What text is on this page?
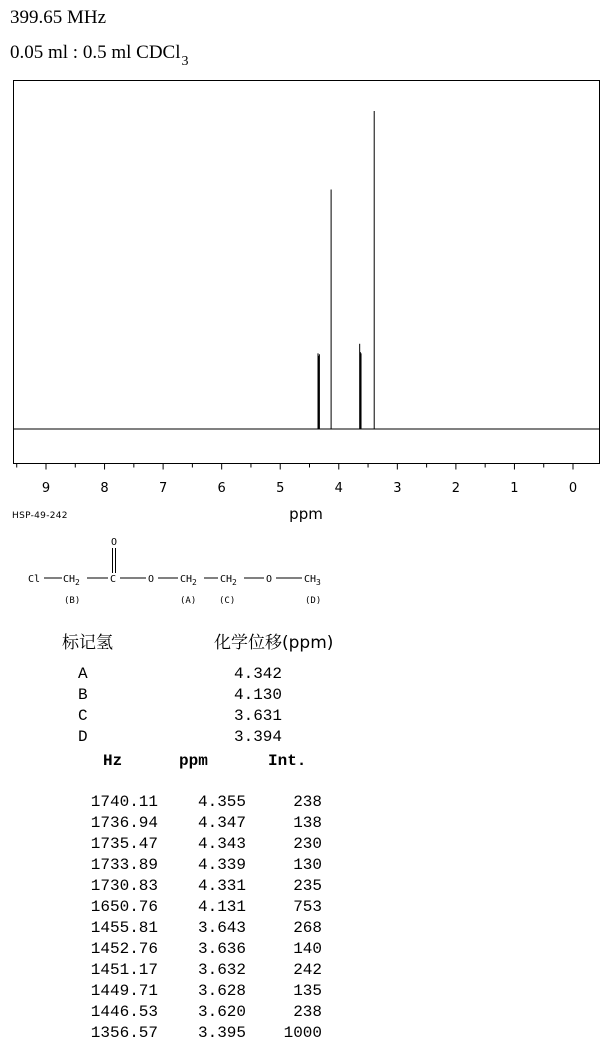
399.65 MHz
0.05 ml : 0.5 ml CDCl$_3$
9	8	7	6	5	4	3	2	1	0
ppm
HSP-49-242
O
Cl $CH_2$	C	O	$CH_2$ $CH_2$	O	$CH_3$
(B)	(A)	(C)	(D)
标记氢	化学位移(ppm)
A	4.342
B	4.130
C	3.631
D	3.394
Hz	ppm	Int.
1740.11	4.355	238
1736.94	4.347	138
1735.47	4.343	230
1733.89	4.339	130
1730.83	4.331	235
1650.76	4.131	753
1455.81	3.643	268
1452.76	3.636	140
1451.17	3.632	242
1449.71	3.628	135
1446.53	3.620	238
1356.57	3.395	1000
